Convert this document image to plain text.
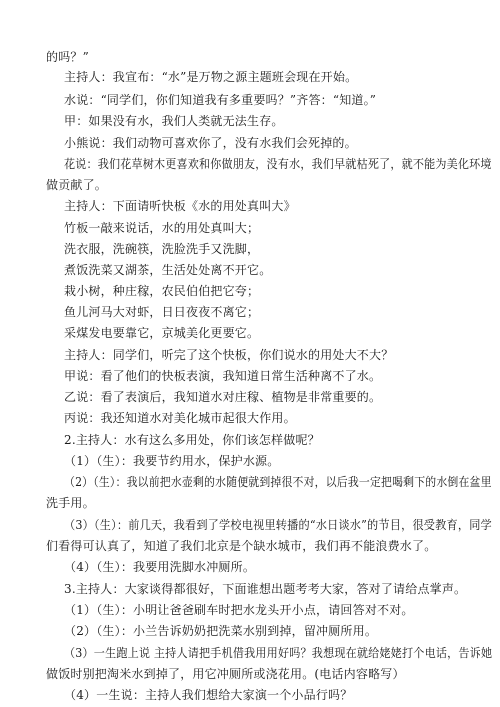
的吗？”
主持人：我宣布：“水”是万物之源主题班会现在开始。
水说：“同学们，你们知道我有多重要吗？”齐答：“知道。”
甲：如果没有水，我们人类就无法生存。
小熊说：我们动物可喜欢你了，没有水我们会死掉的。
花说：我们花草树木更喜欢和你做朋友，没有水，我们早就枯死了，就不能为美化环境
做贡献了。
主持人：下面请听快板《水的用处真叫大》
竹板一敲来说话，水的用处真叫大；
洗衣服，洗碗筷，洗脸洗手又洗脚，
煮饭洗菜又湖茶，生活处处离不开它。
栽小树，种庄稼，农民伯伯把它夸；
鱼儿河马大对虾，日日夜夜不离它；
采煤发电要靠它，京城美化更要它。
主持人：同学们，听完了这个快板，你们说水的用处大不大？
甲说：看了他们的快板表演，我知道日常生活种离不了水。
乙说：看了表演后，我知道水对庄稼、植物是非常重要的。
丙说：我还知道水对美化城市起很大作用。
2.主持人：水有这么多用处，你们该怎样做呢？
（1）（生）：我要节约用水，保护水源。
（2）（生）：我以前把水壶剩的水随便就到掉很不对，以后我一定把喝剩下的水倒在盆里
洗手用。
（3）（生）：前几天，我看到了学校电视里转播的“水日谈水”的节目，很受教育，同学
们看得可认真了，知道了我们北京是个缺水城市，我们再不能浪费水了。
（4）（生）：我要用洗脚水冲厕所。
3.主持人：大家谈得都很好，下面谁想出题考考大家，答对了请给点掌声。
（1）（生）：小明让爸爸刷车时把水龙头开小点，请回答对不对。
（2）（生）：小兰告诉奶奶把洗菜水别到掉，留冲厕所用。
（3）一生跑上说 主持人请把手机借我用用好吗？我想现在就给姥姥打个电话，告诉她
做饭时别把淘米水到掉了，用它冲厕所或浇花用。(电话内容略写）
（4）一生说：主持人我们想给大家演一个小品行吗？
